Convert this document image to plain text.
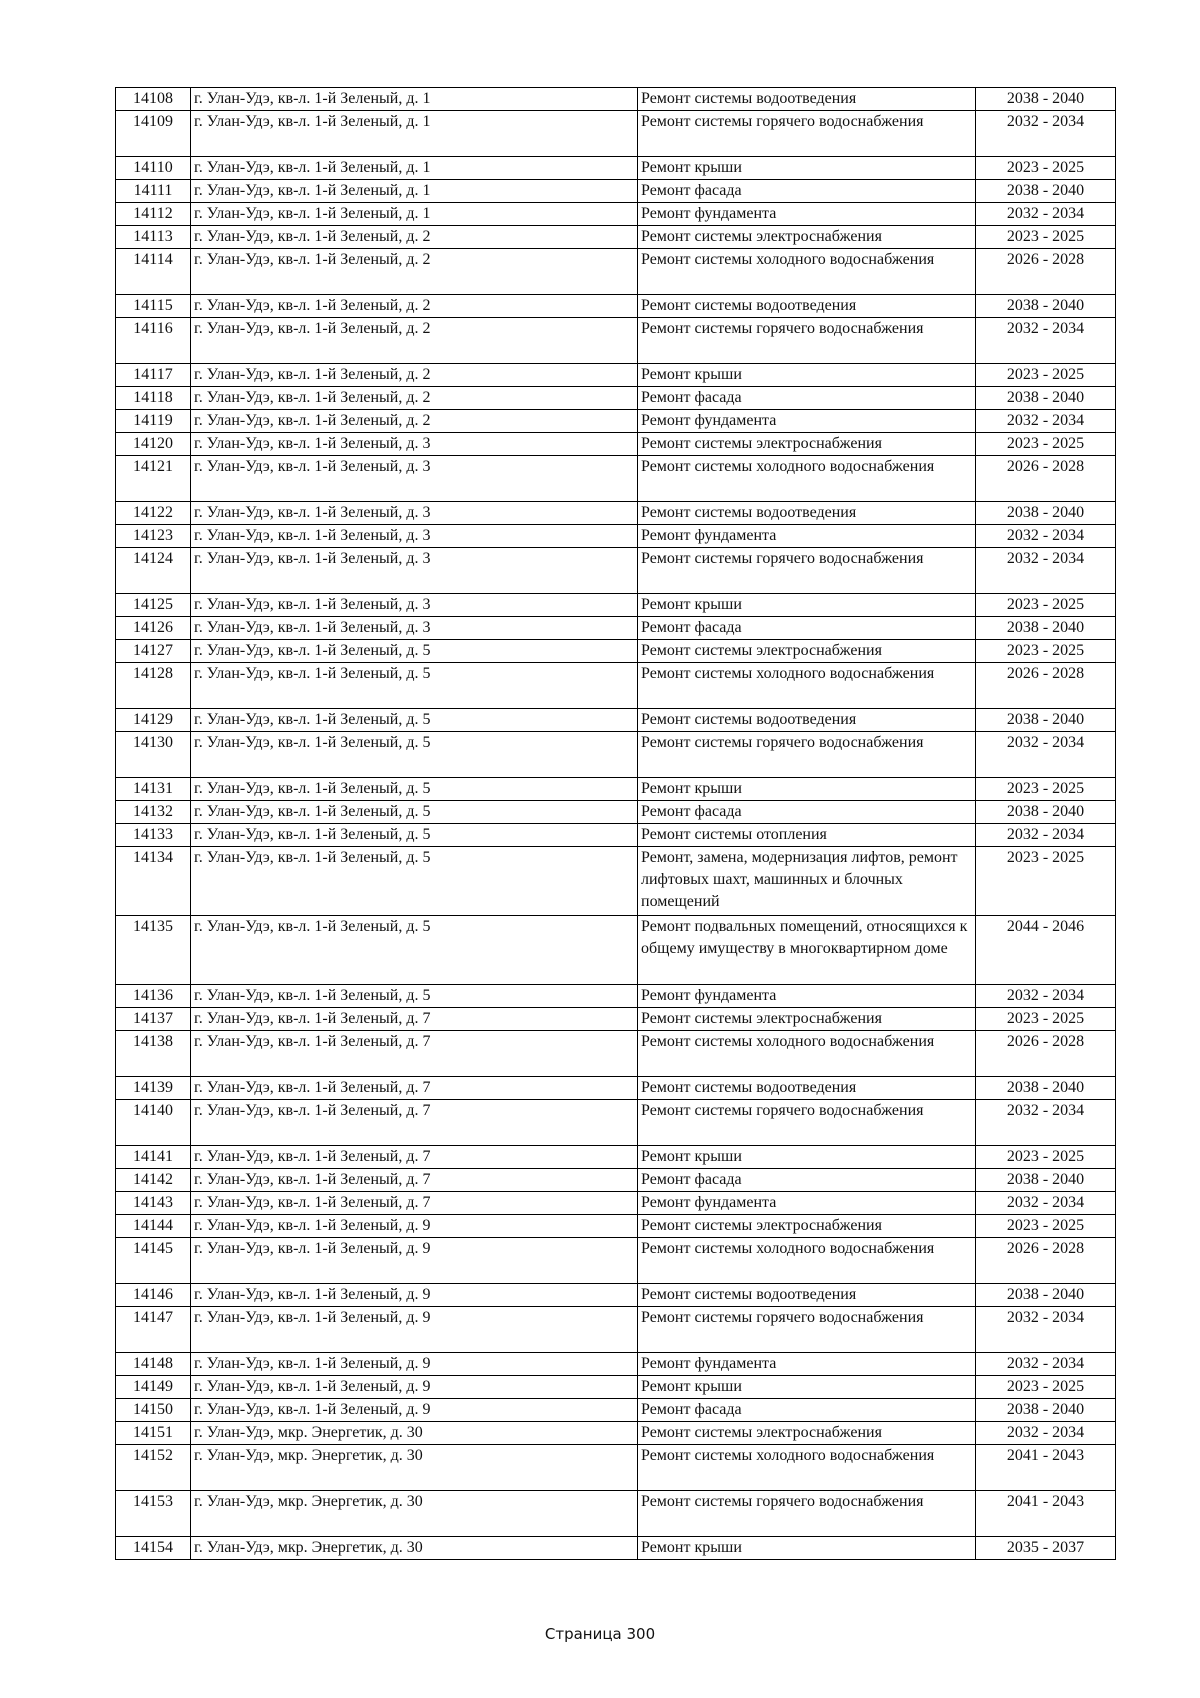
14108	г. Улан-Удэ, кв-л. 1-й Зеленый, д. 1	Ремонт системы водоотведения	2038 - 2040
14109	г. Улан-Удэ, кв-л. 1-й Зеленый, д. 1	Ремонт системы горячего водоснабжения	2032 - 2034
14110	г. Улан-Удэ, кв-л. 1-й Зеленый, д. 1	Ремонт крыши	2023 - 2025
14111	г. Улан-Удэ, кв-л. 1-й Зеленый, д. 1	Ремонт фасада	2038 - 2040
14112	г. Улан-Удэ, кв-л. 1-й Зеленый, д. 1	Ремонт фундамента	2032 - 2034
14113	г. Улан-Удэ, кв-л. 1-й Зеленый, д. 2	Ремонт системы электроснабжения	2023 - 2025
14114	г. Улан-Удэ, кв-л. 1-й Зеленый, д. 2	Ремонт системы холодного водоснабжения	2026 - 2028
14115	г. Улан-Удэ, кв-л. 1-й Зеленый, д. 2	Ремонт системы водоотведения	2038 - 2040
14116	г. Улан-Удэ, кв-л. 1-й Зеленый, д. 2	Ремонт системы горячего водоснабжения	2032 - 2034
14117	г. Улан-Удэ, кв-л. 1-й Зеленый, д. 2	Ремонт крыши	2023 - 2025
14118	г. Улан-Удэ, кв-л. 1-й Зеленый, д. 2	Ремонт фасада	2038 - 2040
14119	г. Улан-Удэ, кв-л. 1-й Зеленый, д. 2	Ремонт фундамента	2032 - 2034
14120	г. Улан-Удэ, кв-л. 1-й Зеленый, д. 3	Ремонт системы электроснабжения	2023 - 2025
14121	г. Улан-Удэ, кв-л. 1-й Зеленый, д. 3	Ремонт системы холодного водоснабжения	2026 - 2028
14122	г. Улан-Удэ, кв-л. 1-й Зеленый, д. 3	Ремонт системы водоотведения	2038 - 2040
14123	г. Улан-Удэ, кв-л. 1-й Зеленый, д. 3	Ремонт фундамента	2032 - 2034
14124	г. Улан-Удэ, кв-л. 1-й Зеленый, д. 3	Ремонт системы горячего водоснабжения	2032 - 2034
14125	г. Улан-Удэ, кв-л. 1-й Зеленый, д. 3	Ремонт крыши	2023 - 2025
14126	г. Улан-Удэ, кв-л. 1-й Зеленый, д. 3	Ремонт фасада	2038 - 2040
14127	г. Улан-Удэ, кв-л. 1-й Зеленый, д. 5	Ремонт системы электроснабжения	2023 - 2025
14128	г. Улан-Удэ, кв-л. 1-й Зеленый, д. 5	Ремонт системы холодного водоснабжения	2026 - 2028
14129	г. Улан-Удэ, кв-л. 1-й Зеленый, д. 5	Ремонт системы водоотведения	2038 - 2040
14130	г. Улан-Удэ, кв-л. 1-й Зеленый, д. 5	Ремонт системы горячего водоснабжения	2032 - 2034
14131	г. Улан-Удэ, кв-л. 1-й Зеленый, д. 5	Ремонт крыши	2023 - 2025
14132	г. Улан-Удэ, кв-л. 1-й Зеленый, д. 5	Ремонт фасада	2038 - 2040
14133	г. Улан-Удэ, кв-л. 1-й Зеленый, д. 5	Ремонт системы отопления	2032 - 2034
14134	г. Улан-Удэ, кв-л. 1-й Зеленый, д. 5	Ремонт, замена, модернизация лифтов, ремонт лифтовых шахт, машинных и блочных помещений	2023 - 2025
14135	г. Улан-Удэ, кв-л. 1-й Зеленый, д. 5	Ремонт подвальных помещений, относящихся к общему имуществу в многоквартирном доме	2044 - 2046
14136	г. Улан-Удэ, кв-л. 1-й Зеленый, д. 5	Ремонт фундамента	2032 - 2034
14137	г. Улан-Удэ, кв-л. 1-й Зеленый, д. 7	Ремонт системы электроснабжения	2023 - 2025
14138	г. Улан-Удэ, кв-л. 1-й Зеленый, д. 7	Ремонт системы холодного водоснабжения	2026 - 2028
14139	г. Улан-Удэ, кв-л. 1-й Зеленый, д. 7	Ремонт системы водоотведения	2038 - 2040
14140	г. Улан-Удэ, кв-л. 1-й Зеленый, д. 7	Ремонт системы горячего водоснабжения	2032 - 2034
14141	г. Улан-Удэ, кв-л. 1-й Зеленый, д. 7	Ремонт крыши	2023 - 2025
14142	г. Улан-Удэ, кв-л. 1-й Зеленый, д. 7	Ремонт фасада	2038 - 2040
14143	г. Улан-Удэ, кв-л. 1-й Зеленый, д. 7	Ремонт фундамента	2032 - 2034
14144	г. Улан-Удэ, кв-л. 1-й Зеленый, д. 9	Ремонт системы электроснабжения	2023 - 2025
14145	г. Улан-Удэ, кв-л. 1-й Зеленый, д. 9	Ремонт системы холодного водоснабжения	2026 - 2028
14146	г. Улан-Удэ, кв-л. 1-й Зеленый, д. 9	Ремонт системы водоотведения	2038 - 2040
14147	г. Улан-Удэ, кв-л. 1-й Зеленый, д. 9	Ремонт системы горячего водоснабжения	2032 - 2034
14148	г. Улан-Удэ, кв-л. 1-й Зеленый, д. 9	Ремонт фундамента	2032 - 2034
14149	г. Улан-Удэ, кв-л. 1-й Зеленый, д. 9	Ремонт крыши	2023 - 2025
14150	г. Улан-Удэ, кв-л. 1-й Зеленый, д. 9	Ремонт фасада	2038 - 2040
14151	г. Улан-Удэ, мкр. Энергетик, д. 30	Ремонт системы электроснабжения	2032 - 2034
14152	г. Улан-Удэ, мкр. Энергетик, д. 30	Ремонт системы холодного водоснабжения	2041 - 2043
14153	г. Улан-Удэ, мкр. Энергетик, д. 30	Ремонт системы горячего водоснабжения	2041 - 2043
14154	г. Улан-Удэ, мкр. Энергетик, д. 30	Ремонт крыши	2035 - 2037
Страница 300
